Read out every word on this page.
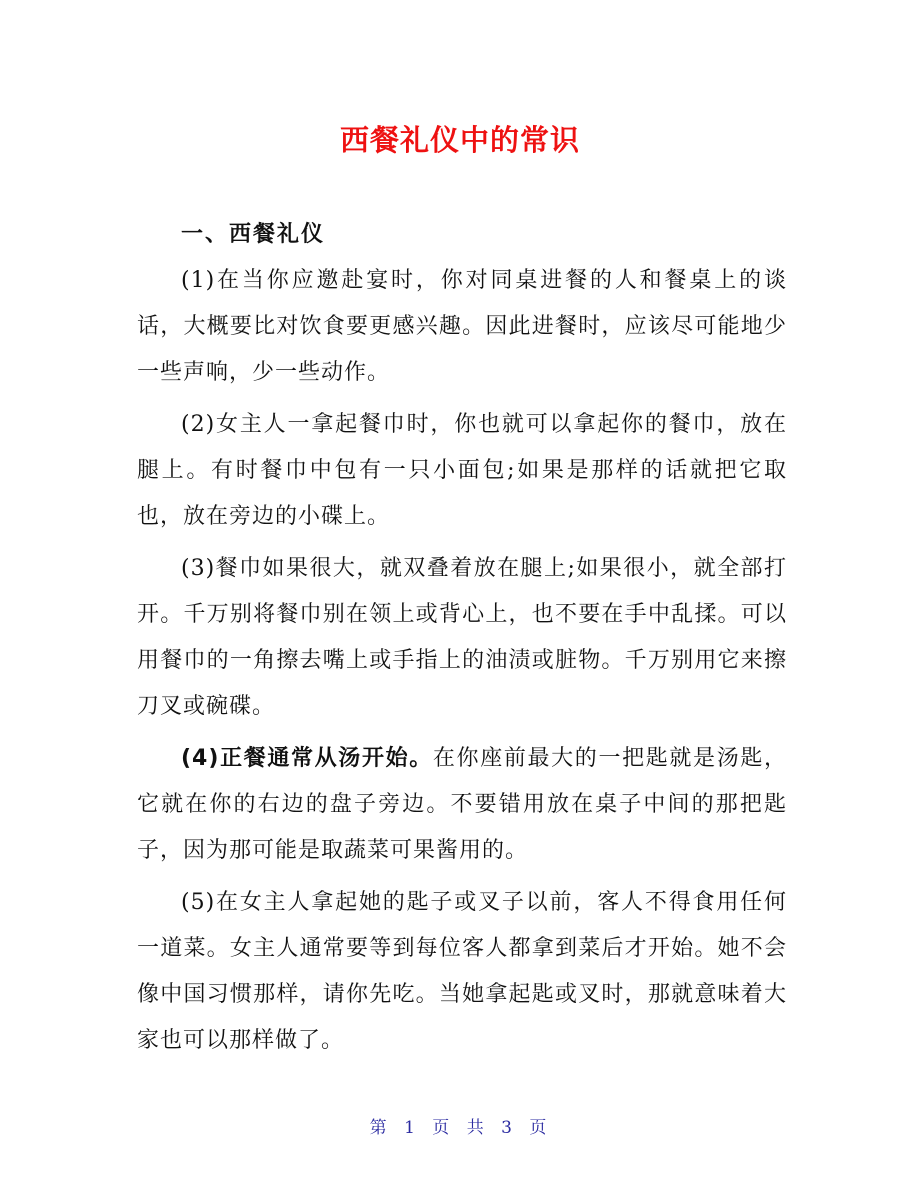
西餐礼仪中的常识

一、西餐礼仪

(1)在当你应邀赴宴时，你对同桌进餐的人和餐桌上的谈话，大概要比对饮食要更感兴趣。因此进餐时，应该尽可能地少一些声响，少一些动作。

(2)女主人一拿起餐巾时，你也就可以拿起你的餐巾，放在腿上。有时餐巾中包有一只小面包;如果是那样的话就把它取也，放在旁边的小碟上。

(3)餐巾如果很大，就双叠着放在腿上;如果很小，就全部打开。千万别将餐巾别在领上或背心上，也不要在手中乱揉。可以用餐巾的一角擦去嘴上或手指上的油渍或脏物。千万别用它来擦刀叉或碗碟。

(4)正餐通常从汤开始。在你座前最大的一把匙就是汤匙，它就在你的右边的盘子旁边。不要错用放在桌子中间的那把匙子，因为那可能是取蔬菜可果酱用的。

(5)在女主人拿起她的匙子或叉子以前，客人不得食用任何一道菜。女主人通常要等到每位客人都拿到菜后才开始。她不会像中国习惯那样，请你先吃。当她拿起匙或叉时，那就意味着大家也可以那样做了。

第 1 页 共 3 页
